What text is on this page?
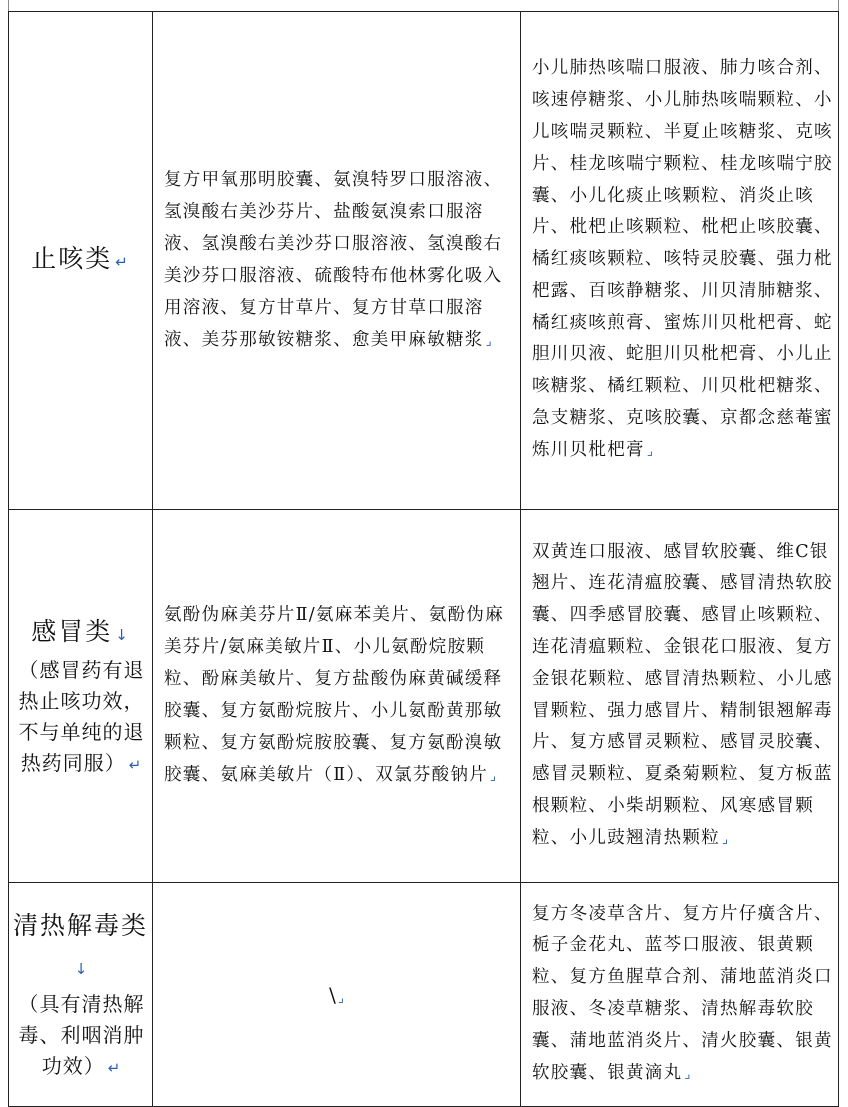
止咳类 ↵	复方甲氧那明胶囊、氨溴特罗口服溶液、氢溴酸右美沙芬片、盐酸氨溴索口服溶液、氢溴酸右美沙芬口服溶液、氢溴酸右美沙芬口服溶液、硫酸特布他林雾化吸入用溶液、复方甘草片、复方甘草口服溶液、美芬那敏铵糖浆、愈美甲麻敏糖浆 ⌟	小儿肺热咳喘口服液、肺力咳合剂、咳速停糖浆、小儿肺热咳喘颗粒、小儿咳喘灵颗粒、半夏止咳糖浆、克咳片、桂龙咳喘宁颗粒、桂龙咳喘宁胶囊、小儿化痰止咳颗粒、消炎止咳片、枇杷止咳颗粒、枇杷止咳胶囊、橘红痰咳颗粒、咳特灵胶囊、强力枇杷露、百咳静糖浆、川贝清肺糖浆、橘红痰咳煎膏、蜜炼川贝枇杷膏、蛇胆川贝液、蛇胆川贝枇杷膏、小儿止咳糖浆、橘红颗粒、川贝枇杷糖浆、急支糖浆、克咳胶囊、京都念慈菴蜜炼川贝枇杷膏 ⌟

感冒类 ↓
（感冒药有退热止咳功效，不与单纯的退热药同服） ↵	氨酚伪麻美芬片Ⅱ/氨麻苯美片、氨酚伪麻美芬片/氨麻美敏片Ⅱ、小儿氨酚烷胺颗粒、酚麻美敏片、复方盐酸伪麻黄碱缓释胶囊、复方氨酚烷胺片、小儿氨酚黄那敏颗粒、复方氨酚烷胺胶囊、复方氨酚溴敏胶囊、氨麻美敏片（Ⅱ）、双氯芬酸钠片 ⌟	双黄连口服液、感冒软胶囊、维C银翘片、连花清瘟胶囊、感冒清热软胶囊、四季感冒胶囊、感冒止咳颗粒、连花清瘟颗粒、金银花口服液、复方金银花颗粒、感冒清热颗粒、小儿感冒颗粒、强力感冒片、精制银翘解毒片、复方感冒灵颗粒、感冒灵胶囊、感冒灵颗粒、夏桑菊颗粒、复方板蓝根颗粒、小柴胡颗粒、风寒感冒颗粒、小儿豉翘清热颗粒 ⌟

清热解毒类↓
（具有清热解毒、利咽消肿功效） ↵	\ ⌟	复方冬凌草含片、复方片仔癀含片、栀子金花丸、蓝芩口服液、银黄颗粒、复方鱼腥草合剂、蒲地蓝消炎口服液、冬凌草糖浆、清热解毒软胶囊、蒲地蓝消炎片、清火胶囊、银黄软胶囊、银黄滴丸 ⌟
